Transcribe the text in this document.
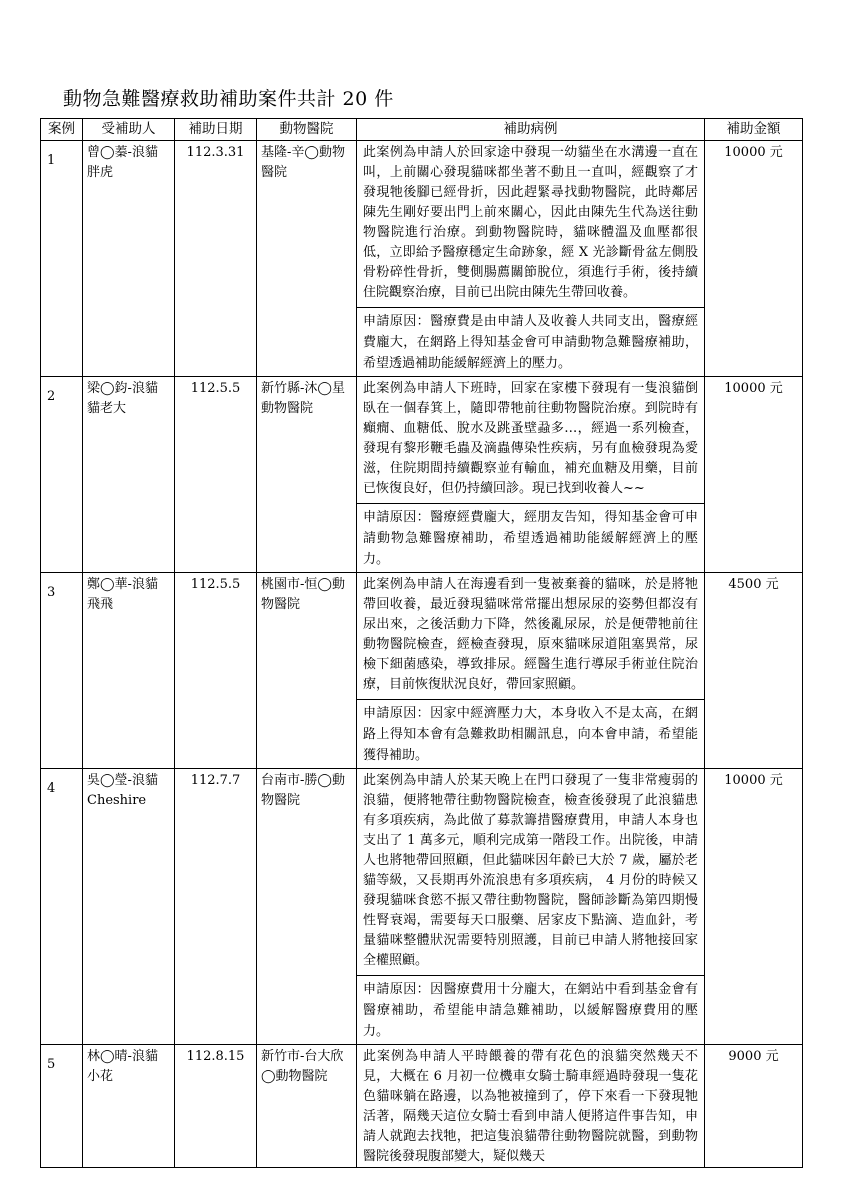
動物急難醫療救助補助案件共計 20 件
案例	受補助人	補助日期	動物醫院	補助病例	補助金額
1	曾◯蓁-浪貓胖虎	112.3.31	基隆-辛◯動物醫院	此案例為申請人於回家途中發現一幼貓坐在水溝邊一直在叫，上前關心發現貓咪都坐著不動且一直叫，經觀察了才發現牠後腳已經骨折，因此趕緊尋找動物醫院，此時鄰居陳先生剛好要出門上前來關心，因此由陳先生代為送往動物醫院進行治療。到動物醫院時，貓咪體溫及血壓都很低，立即給予醫療穩定生命跡象，經 X 光診斷骨盆左側股骨粉碎性骨折，雙側腸薦關節脫位，須進行手術，後持續住院觀察治療，目前已出院由陳先生帶回收養。

申請原因：醫療費是由申請人及收養人共同支出，醫療經費龐大，在網路上得知基金會可申請動物急難醫療補助，希望透過補助能緩解經濟上的壓力。	10000 元
2	梁◯鈞-浪貓貓老大	112.5.5	新竹縣-沐◯星動物醫院	此案例為申請人下班時，回家在家樓下發現有一隻浪貓倒臥在一個春箕上，隨即帶牠前往動物醫院治療。到院時有癲癇、血糖低、脫水及跳蚤壁蝨多…，經過一系列檢查，發現有黎形鞭毛蟲及滴蟲傳染性疾病，另有血檢發現為愛滋，住院期間持續觀察並有輸血，補充血糖及用藥，目前已恢復良好，但仍持續回診。現已找到收養人~~

申請原因：醫療經費龐大，經朋友告知，得知基金會可申請動物急難醫療補助，希望透過補助能緩解經濟上的壓力。	10000 元
3	鄭◯華-浪貓飛飛	112.5.5	桃園市-恒◯動物醫院	此案例為申請人在海邊看到一隻被棄養的貓咪，於是將牠帶回收養，最近發現貓咪常常擺出想尿尿的姿勢但都沒有尿出來，之後活動力下降，然後亂尿尿，於是便帶牠前往動物醫院檢查，經檢查發現，原來貓咪尿道阻塞異常，尿檢下細菌感染，導致排尿。經醫生進行導尿手術並住院治療，目前恢復狀況良好，帶回家照顧。

申請原因：因家中經濟壓力大，本身收入不是太高，在網路上得知本會有急難救助相關訊息，向本會申請，希望能獲得補助。	4500 元
4	吳◯瑩-浪貓Cheshire	112.7.7	台南市-勝◯動物醫院	此案例為申請人於某天晚上在門口發現了一隻非常瘦弱的浪貓，便將牠帶往動物醫院檢查，檢查後發現了此浪貓患有多項疾病，為此做了募款籌措醫療費用，申請人本身也支出了 1 萬多元，順利完成第一階段工作。出院後，申請人也將牠帶回照顧，但此貓咪因年齡已大於 7 歲，屬於老貓等級，又長期再外流浪患有多項疾病， 4 月份的時候又發現貓咪食慾不振又帶往動物醫院，醫師診斷為第四期慢性腎衰竭，需要每天口服藥、居家皮下點滴、造血針，考量貓咪整體狀況需要特別照護，目前已申請人將牠接回家全權照顧。

申請原因：因醫療費用十分龐大，在網站中看到基金會有醫療補助，希望能申請急難補助，以緩解醫療費用的壓力。	10000 元
5	林◯晴-浪貓小花	112.8.15	新竹市-台大欣◯動物醫院	此案例為申請人平時餵養的帶有花色的浪貓突然幾天不見，大概在 6 月初一位機車女騎士騎車經過時發現一隻花色貓咪躺在路邊，以為牠被撞到了，停下來看一下發現牠活著，隔幾天這位女騎士看到申請人便將這件事告知，申請人就跑去找牠，把這隻浪貓帶往動物醫院就醫，到動物醫院後發現腹部變大，疑似幾天	9000 元
